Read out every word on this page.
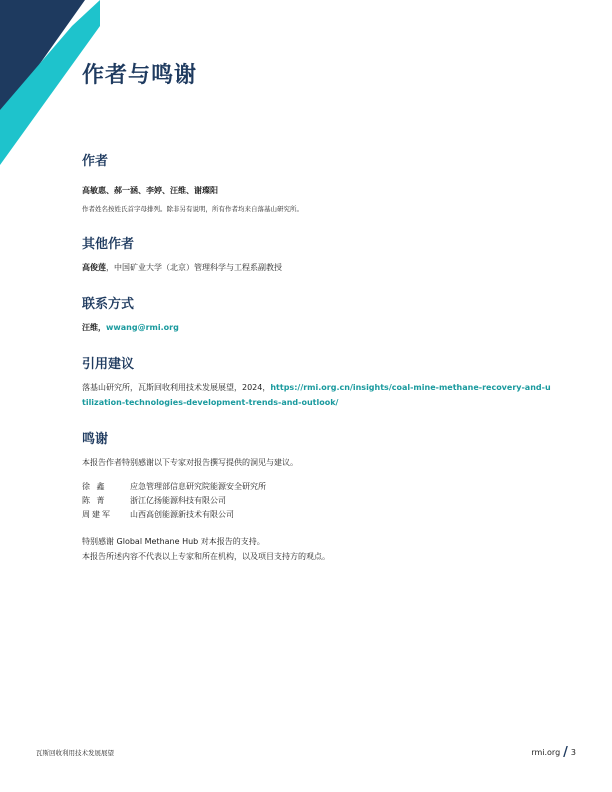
作者与鸣谢

作者

高敏惠、郝一涵、李婷、汪维、谢璨阳

作者姓名按姓氏首字母排列。除非另有说明，所有作者均来自落基山研究所。

其他作者

高俊莲，中国矿业大学（北京）管理科学与工程系副教授

联系方式

汪维，wwang@rmi.org

引用建议

落基山研究所，瓦斯回收利用技术发展展望，2024，https://rmi.org.cn/insights/coal-mine-methane-recovery-and-utilization-technologies-development-trends-and-outlook/

鸣谢

本报告作者特别感谢以下专家对报告撰写提供的洞见与建议。

徐 鑫	应急管理部信息研究院能源安全研究所
陈 菁	浙江亿扬能源科技有限公司
周建军	山西高创能源新技术有限公司

特别感谢 Global Methane Hub 对本报告的支持。

本报告所述内容不代表以上专家和所在机构，以及项目支持方的观点。

瓦斯回收利用技术发展展望	rmi.org / 3
